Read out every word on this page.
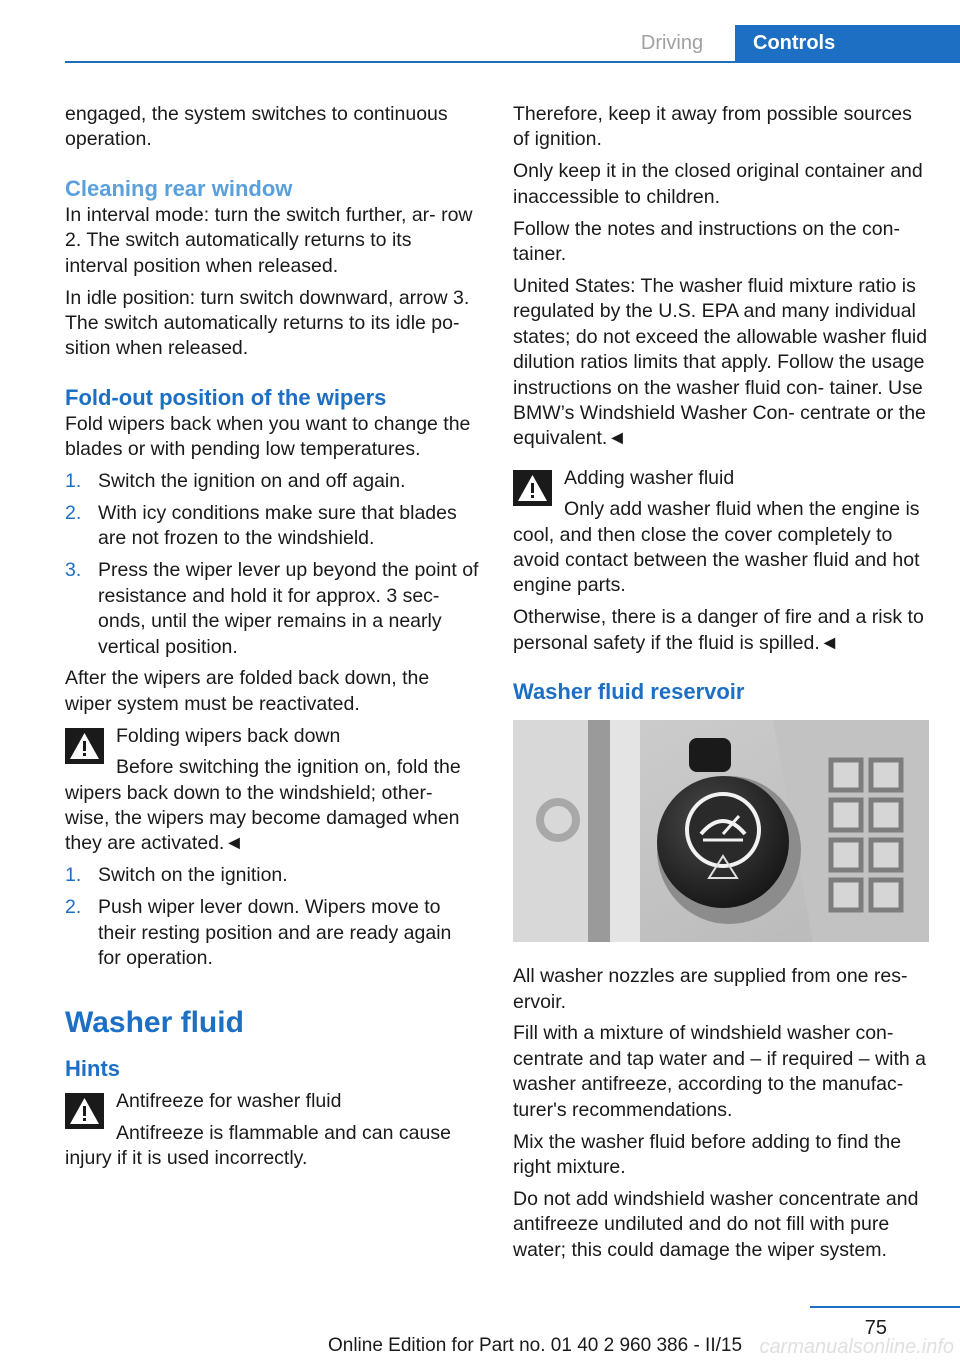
Driving	Controls

engaged, the system switches to continuous operation.

Cleaning rear window

In interval mode: turn the switch further, ar‐ row 2. The switch automatically returns to its interval position when released.

In idle position: turn switch downward, arrow 3. The switch automatically returns to its idle po‐ sition when released.

Fold-out position of the wipers

Fold wipers back when you want to change the blades or with pending low temperatures.

1. Switch the ignition on and off again.
2. With icy conditions make sure that blades are not frozen to the windshield.
3. Press the wiper lever up beyond the point of resistance and hold it for approx. 3 sec‐ onds, until the wiper remains in a nearly vertical position.

After the wipers are folded back down, the wiper system must be reactivated.

Folding wipers back down
Before switching the ignition on, fold the wipers back down to the windshield; other‐ wise, the wipers may become damaged when they are activated.◄
1. Switch on the ignition.
2. Push wiper lever down. Wipers move to their resting position and are ready again for operation.
Washer fluid
Hints
Antifreeze for washer fluid
Antifreeze is flammable and can cause injury if it is used incorrectly.

Therefore, keep it away from possible sources of ignition.

Only keep it in the closed original container and inaccessible to children.

Follow the notes and instructions on the con‐ tainer.

United States: The washer fluid mixture ratio is regulated by the U.S. EPA and many individual states; do not exceed the allowable washer fluid dilution ratios limits that apply. Follow the usage instructions on the washer fluid con‐ tainer. Use BMW’s Windshield Washer Con‐ centrate or the equivalent.◄

Adding washer fluid
Only add washer fluid when the engine is cool, and then close the cover completely to avoid contact between the washer fluid and hot engine parts.

Otherwise, there is a danger of fire and a risk to personal safety if the fluid is spilled.◄

Washer fluid reservoir

All washer nozzles are supplied from one res‐ ervoir.

Fill with a mixture of windshield washer con‐ centrate and tap water and – if required – with a washer antifreeze, according to the manufac‐ turer's recommendations.

Mix the washer fluid before adding to find the right mixture.

Do not add windshield washer concentrate and antifreeze undiluted and do not fill with pure water; this could damage the wiper system.

75
Online Edition for Part no. 01 40 2 960 386 - II/15 carmanualsonline.info
